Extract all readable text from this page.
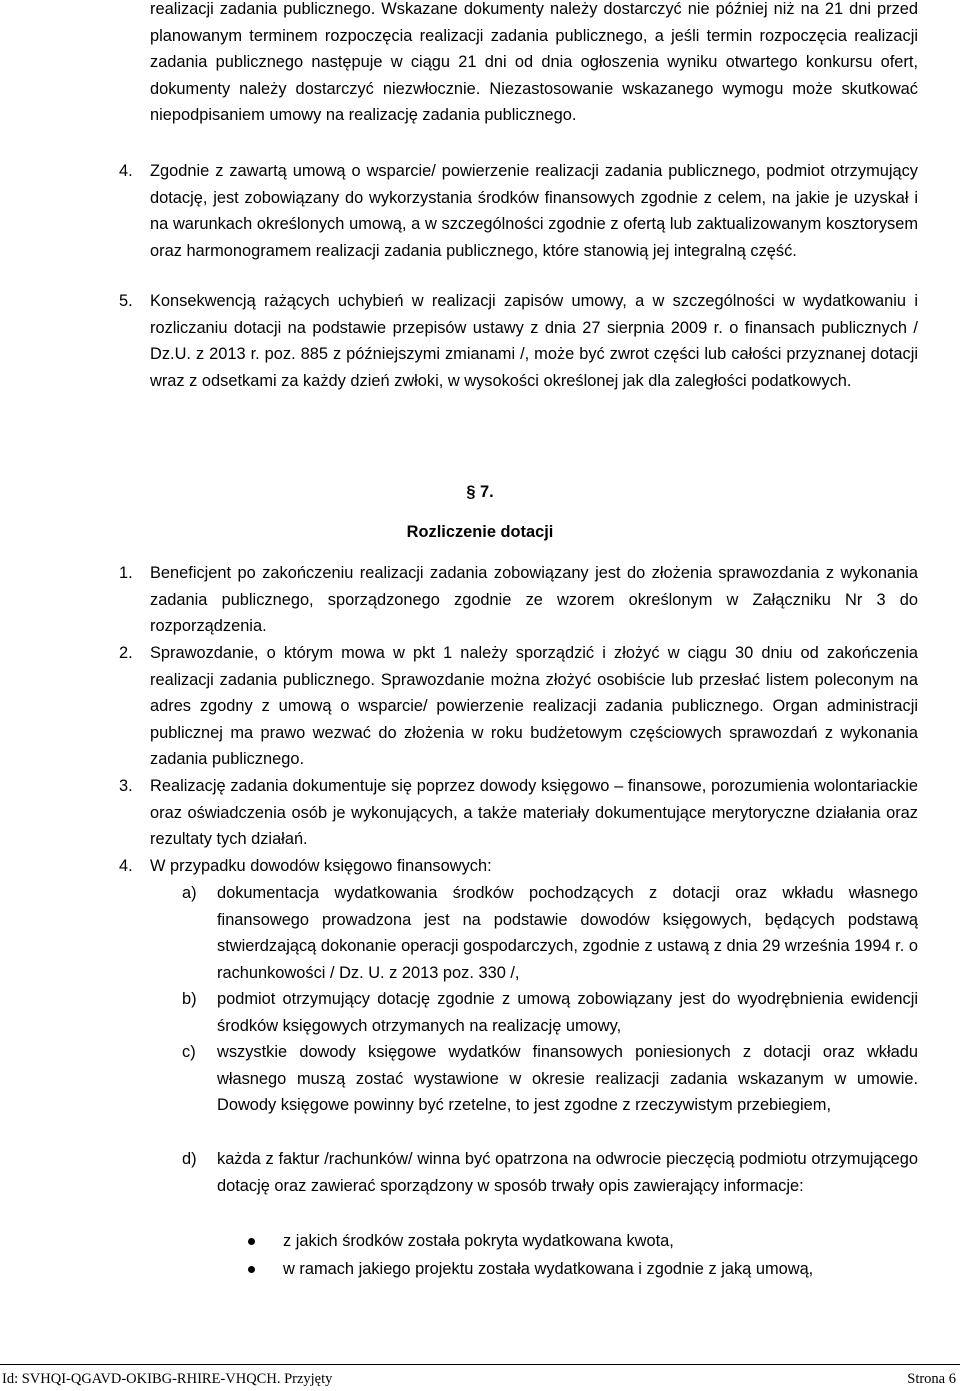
realizacji zadania publicznego. Wskazane dokumenty należy dostarczyć nie później niż na 21 dni przed planowanym terminem rozpoczęcia realizacji zadania publicznego, a jeśli termin rozpoczęcia realizacji zadania publicznego następuje w ciągu 21 dni od dnia ogłoszenia wyniku otwartego konkursu ofert, dokumenty należy dostarczyć niezwłocznie. Niezastosowanie wskazanego wymogu może skutkować niepodpisaniem umowy na realizację zadania publicznego.

4. Zgodnie z zawartą umową o wsparcie/ powierzenie realizacji zadania publicznego, podmiot otrzymujący dotację, jest zobowiązany do wykorzystania środków finansowych zgodnie z celem, na jakie je uzyskał i na warunkach określonych umową, a w szczególności zgodnie z ofertą lub zaktualizowanym kosztorysem oraz harmonogramem realizacji zadania publicznego, które stanowią jej integralną część.

5. Konsekwencją rażących uchybień w realizacji zapisów umowy, a w szczególności w wydatkowaniu i rozliczaniu dotacji na podstawie przepisów ustawy z dnia 27 sierpnia 2009 r. o finansach publicznych / Dz.U. z 2013 r. poz. 885 z późniejszymi zmianami /, może być zwrot części lub całości przyznanej dotacji wraz z odsetkami za każdy dzień zwłoki, w wysokości określonej jak dla zaległości podatkowych.

§ 7.
Rozliczenie dotacji
1. Beneficjent po zakończeniu realizacji zadania zobowiązany jest do złożenia sprawozdania z wykonania zadania publicznego, sporządzonego zgodnie ze wzorem określonym w Załączniku Nr 3 do rozporządzenia.

2. Sprawozdanie, o którym mowa w pkt 1 należy sporządzić i złożyć w ciągu 30 dniu od zakończenia realizacji zadania publicznego. Sprawozdanie można złożyć osobiście lub przesłać listem poleconym na adres zgodny z umową o wsparcie/ powierzenie realizacji zadania publicznego. Organ administracji publicznej ma prawo wezwać do złożenia w roku budżetowym częściowych sprawozdań z wykonania zadania publicznego.

3. Realizację zadania dokumentuje się poprzez dowody księgowo – finansowe, porozumienia wolontariackie oraz oświadczenia osób je wykonujących, a także materiały dokumentujące merytoryczne działania oraz rezultaty tych działań.

4. W przypadku dowodów księgowo finansowych:

a) dokumentacja wydatkowania środków pochodzących z dotacji oraz wkładu własnego finansowego prowadzona jest na podstawie dowodów księgowych, będących podstawą stwierdzającą dokonanie operacji gospodarczych, zgodnie z ustawą z dnia 29 września 1994 r. o rachunkowości / Dz. U. z 2013 poz. 330 /,

b) podmiot otrzymujący dotację zgodnie z umową zobowiązany jest do wyodrębnienia ewidencji środków księgowych otrzymanych na realizację umowy,

c) wszystkie dowody księgowe wydatków finansowych poniesionych z dotacji oraz wkładu własnego muszą zostać wystawione w okresie realizacji zadania wskazanym w umowie. Dowody księgowe powinny być rzetelne, to jest zgodne z rzeczywistym przebiegiem,

d) każda z faktur /rachunków/ winna być opatrzona na odwrocie pieczęcią podmiotu otrzymującego dotację oraz zawierać sporządzony w sposób trwały opis zawierający informacje:

z jakich środków została pokryta wydatkowana kwota,
w ramach jakiego projektu została wydatkowana i zgodnie z jaką umową,
Id: SVHQI-QGAVD-OKIBG-RHIRE-VHQCH. Przyjęty	Strona 6
